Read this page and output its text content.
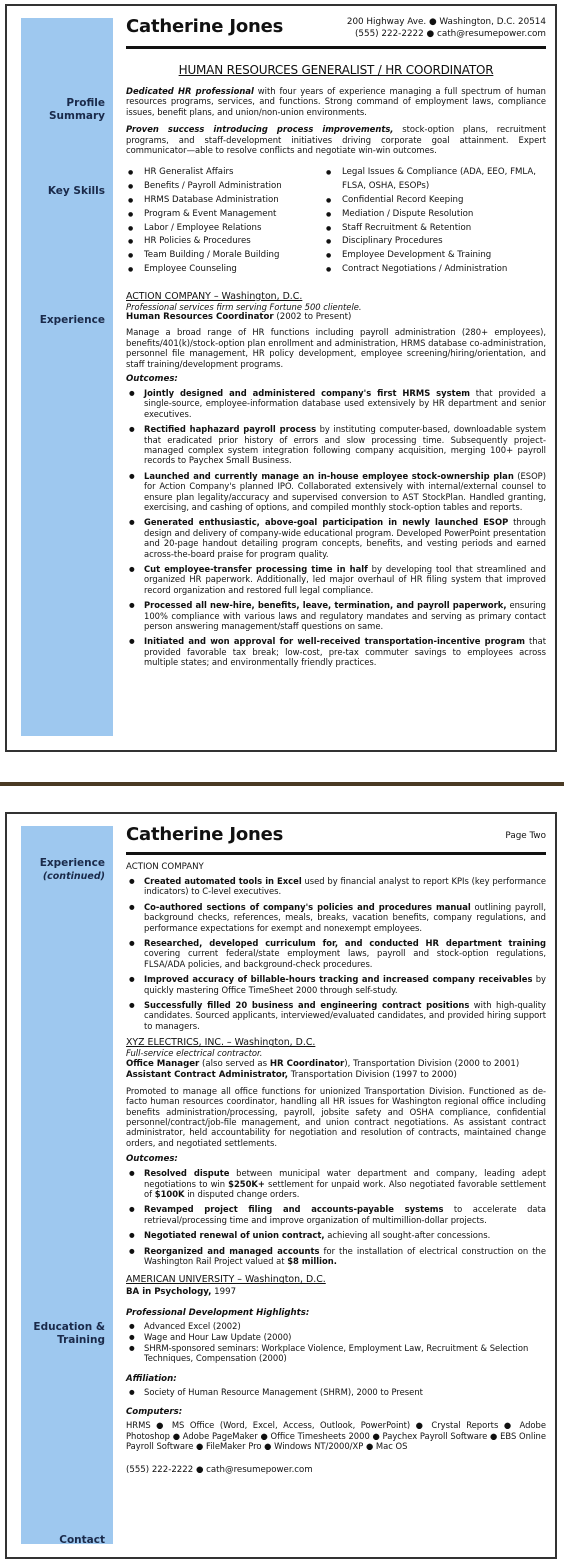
Profile Summary
Key Skills
Experience
Catherine Jones	200 Highway Ave. ● Washington, D.C. 20514
(555) 222-2222 ● cath@resumepower.com
HUMAN RESOURCES GENERALIST / HR COORDINATOR

Dedicated HR professional with four years of experience managing a full spectrum of human resources programs, services, and functions. Strong command of employment laws, compliance issues, benefit plans, and union/non-union environments.

Proven success introducing process improvements, stock-option plans, recruitment programs, and staff-development initiatives driving corporate goal attainment. Expert communicator—able to resolve conflicts and negotiate win-win outcomes.

● HR Generalist Affairs
● Benefits / Payroll Administration
● HRMS Database Administration
● Program & Event Management
● Labor / Employee Relations
● HR Policies & Procedures
● Team Building / Morale Building
● Employee Counseling
● Legal Issues & Compliance (ADA, EEO, FMLA, FLSA, OSHA, ESOPs)
● Confidential Record Keeping
● Mediation / Dispute Resolution
● Staff Recruitment & Retention
● Disciplinary Procedures
● Employee Development & Training
● Contract Negotiations / Administration
ACTION COMPANY – Washington, D.C.
Professional services firm serving Fortune 500 clientele.
Human Resources Coordinator (2002 to Present)

Manage a broad range of HR functions including payroll administration (280+ employees), benefits/401(k)/stock-option plan enrollment and administration, HRMS database co-administration, personnel file management, HR policy development, employee screening/hiring/orientation, and staff training/development programs.

Outcomes:
● Jointly designed and administered company's first HRMS system that provided a single-source, employee-information database used extensively by HR department and senior executives.
● Rectified haphazard payroll process by instituting computer-based, downloadable system that eradicated prior history of errors and slow processing time. Subsequently project-managed complex system integration following company acquisition, merging 100+ payroll records to Paychex Small Business.
● Launched and currently manage an in-house employee stock-ownership plan (ESOP) for Action Company's planned IPO. Collaborated extensively with internal/external counsel to ensure plan legality/accuracy and supervised conversion to AST StockPlan. Handled granting, exercising, and cashing of options, and compiled monthly stock-option tables and reports.
● Generated enthusiastic, above-goal participation in newly launched ESOP through design and delivery of company-wide educational program. Developed PowerPoint presentation and 20-page handout detailing program concepts, benefits, and vesting periods and earned across-the-board praise for program quality.
● Cut employee-transfer processing time in half by developing tool that streamlined and organized HR paperwork. Additionally, led major overhaul of HR filing system that improved record organization and restored full legal compliance.
● Processed all new-hire, benefits, leave, termination, and payroll paperwork, ensuring 100% compliance with various laws and regulatory mandates and serving as primary contact person answering management/staff questions on same.
● Initiated and won approval for well-received transportation-incentive program that provided favorable tax break; low-cost, pre-tax commuter savings to employees across multiple states; and environmentally friendly practices.
Experience
(continued)
Education & Training
Contact
Catherine Jones	Page Two
ACTION COMPANY
● Created automated tools in Excel used by financial analyst to report KPIs (key performance indicators) to C-level executives.
● Co-authored sections of company's policies and procedures manual outlining payroll, background checks, references, meals, breaks, vacation benefits, company regulations, and performance expectations for exempt and nonexempt employees.
● Researched, developed curriculum for, and conducted HR department training covering current federal/state employment laws, payroll and stock-option regulations, FLSA/ADA policies, and background-check procedures.
● Improved accuracy of billable-hours tracking and increased company receivables by quickly mastering Office TimeSheet 2000 through self-study.
● Successfully filled 20 business and engineering contract positions with high-quality candidates. Sourced applicants, interviewed/evaluated candidates, and provided hiring support to managers.
XYZ ELECTRICS, INC. – Washington, D.C.
Full-service electrical contractor.
Office Manager (also served as HR Coordinator), Transportation Division (2000 to 2001)
Assistant Contract Administrator, Transportation Division (1997 to 2000)

Promoted to manage all office functions for unionized Transportation Division. Functioned as de-facto human resources coordinator, handling all HR issues for Washington regional office including benefits administration/processing, payroll, jobsite safety and OSHA compliance, confidential personnel/contract/job-file management, and union contract negotiations. As assistant contract administrator, held accountability for negotiation and resolution of contracts, maintained change orders, and negotiated settlements.

Outcomes:
● Resolved dispute between municipal water department and company, leading adept negotiations to win $250K+ settlement for unpaid work. Also negotiated favorable settlement of $100K in disputed change orders.
● Revamped project filing and accounts-payable systems to accelerate data retrieval/processing time and improve organization of multimillion-dollar projects.
● Negotiated renewal of union contract, achieving all sought-after concessions.
● Reorganized and managed accounts for the installation of electrical construction on the Washington Rail Project valued at $8 million.
AMERICAN UNIVERSITY – Washington, D.C.
BA in Psychology, 1997
Professional Development Highlights:
● Advanced Excel (2002)
● Wage and Hour Law Update (2000)
● SHRM-sponsored seminars: Workplace Violence, Employment Law, Recruitment & Selection Techniques, Compensation (2000)
Affiliation:
● Society of Human Resource Management (SHRM), 2000 to Present
Computers:

HRMS ● MS Office (Word, Excel, Access, Outlook, PowerPoint) ● Crystal Reports ● Adobe Photoshop ● Adobe PageMaker ● Office Timesheets 2000 ● Paychex Payroll Software ● EBS Online Payroll Software ● FileMaker Pro ● Windows NT/2000/XP ● Mac OS

(555) 222-2222 ● cath@resumepower.com
